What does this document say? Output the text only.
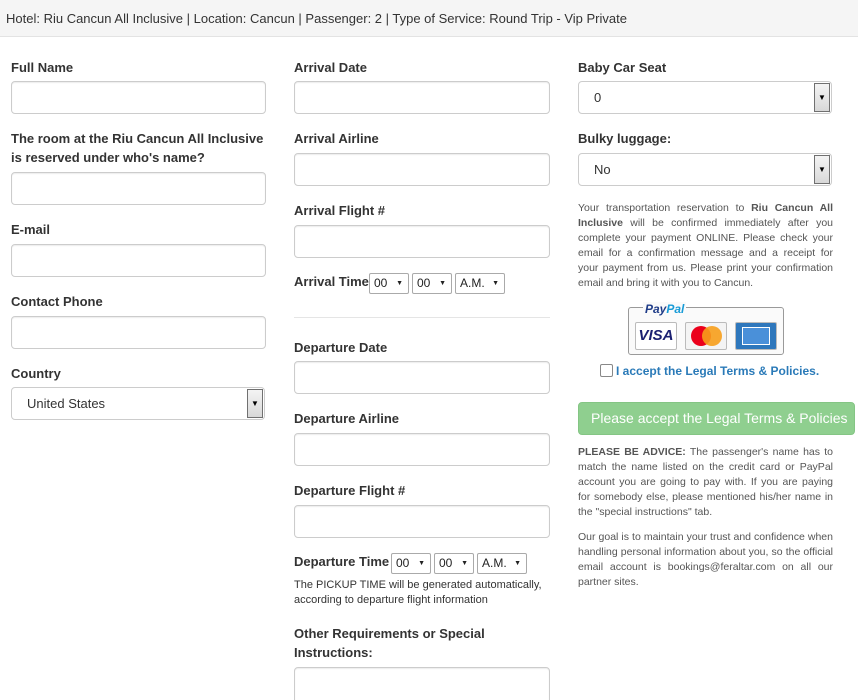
Hotel: Riu Cancun All Inclusive | Location: Cancun | Passenger: 2 | Type of Service: Round Trip - Vip Private
Full Name
The room at the Riu Cancun All Inclusive is reserved under who's name?
E-mail
Contact Phone
Country
United States	▼
Arrival Date
Arrival Airline
Arrival Flight #
Arrival Time 00 ▼	00 ▼	A.M. ▼
Departure Date
Departure Airline
Departure Flight #
Departure Time 00 ▼	00 ▼	A.M. ▼
The PICKUP TIME will be generated automatically, according to departure flight information
Other Requirements or Special Instructions:
Baby Car Seat
0	▼
Bulky luggage:
No	▼
Your transportation reservation to Riu Cancun All Inclusive will be confirmed immediately after you complete your payment ONLINE. Please check your email for a confirmation message and a receipt for your payment from us. Please print your confirmation email and bring it with you to Cancun.
PayPal
VISA
I accept the Legal Terms & Policies.
Please accept the Legal Terms & Policies
PLEASE BE ADVICE: The passenger's name has to match the name listed on the credit card or PayPal account you are going to pay with. If you are paying for somebody else, please mentioned his/her name in the "special instructions" tab.
Our goal is to maintain your trust and confidence when handling personal information about you, so the official email account is bookings@feraltar.com on all our partner sites.
